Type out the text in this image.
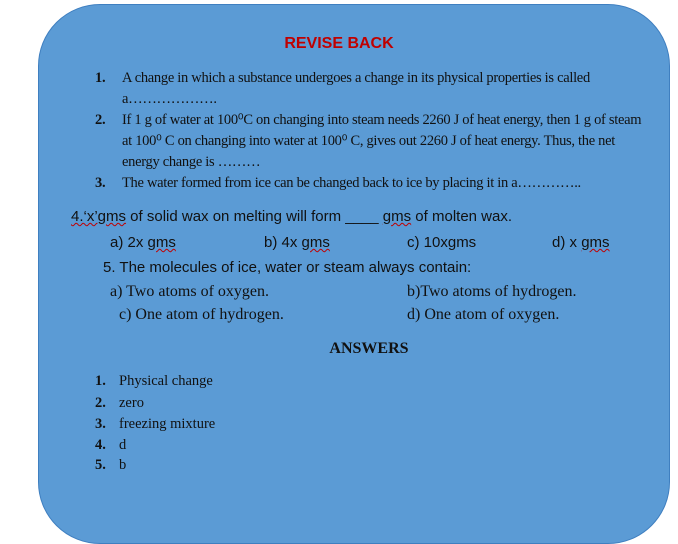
REVISE BACK
1. A change in which a substance undergoes a change in its physical properties is called a……………….
2. If 1 g of water at 100⁰C on changing into steam needs 2260 J of heat energy, then 1 g of steam at 100⁰ C on changing into water at 100⁰ C, gives out 2260 J of heat energy. Thus, the net energy change is ………
3. The water formed from ice can be changed back to ice by placing it in a…………..
4.‘x’gms of solid wax on melting will form ____ gms of molten wax.
a) 2x gms	b) 4x gms	c) 10xgms	d) x gms
5. The molecules of ice, water or steam always contain:
a) Two atoms of oxygen.	b)Two atoms of hydrogen.
c) One atom of hydrogen.	d) One atom of oxygen.
ANSWERS
1. Physical change
2. zero
3. freezing mixture
4. d
5. b
